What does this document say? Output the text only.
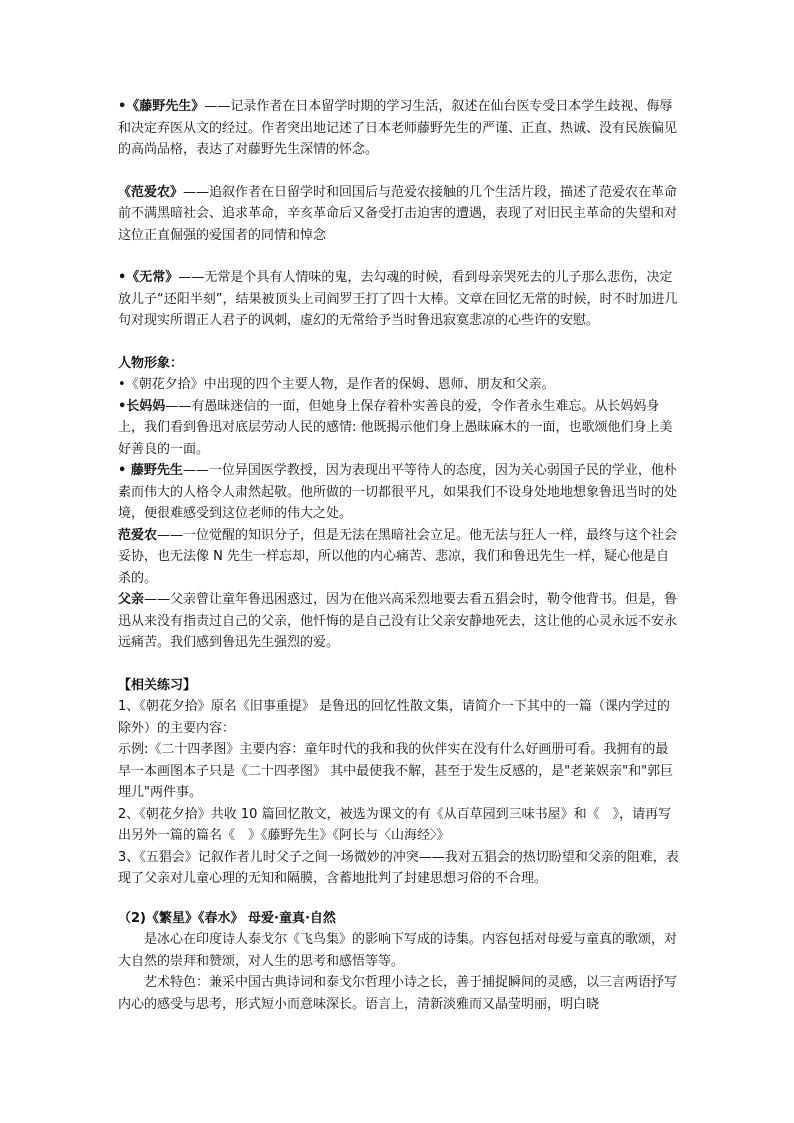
•《藤野先生》——记录作者在日本留学时期的学习生活，叙述在仙台医专受日本学生歧视、侮辱和决定弃医从文的经过。作者突出地记述了日本老师藤野先生的严谨、正直、热诚、没有民族偏见的高尚品格，表达了对藤野先生深情的怀念。

《范爱农》——追叙作者在日留学时和回国后与范爱农接触的几个生活片段，描述了范爱农在革命前不满黑暗社会、追求革命，辛亥革命后又备受打击迫害的遭遇，表现了对旧民主革命的失望和对这位正直倔强的爱国者的同情和悼念

•《无常》——无常是个具有人情味的鬼，去勾魂的时候，看到母亲哭死去的儿子那么悲伤，决定放儿子“还阳半刻”，结果被顶头上司阎罗王打了四十大棒。文章在回忆无常的时候，时不时加进几句对现实所谓正人君子的讽刺，虚幻的无常给予当时鲁迅寂寞悲凉的心些许的安慰。

人物形象：

•《朝花夕拾》中出现的四个主要人物，是作者的保姆、恩师、朋友和父亲。

•长妈妈——有愚昧迷信的一面，但她身上保存着朴实善良的爱，令作者永生难忘。从长妈妈身上，我们看到鲁迅对底层劳动人民的感情: 他既揭示他们身上愚昧麻木的一面，也歌颂他们身上美好善良的一面。

• 藤野先生——一位异国医学教授，因为表现出平等待人的态度，因为关心弱国子民的学业，他朴素而伟大的人格令人肃然起敬。他所做的一切都很平凡，如果我们不设身处地地想象鲁迅当时的处境，便很难感受到这位老师的伟大之处。

范爱农——一位觉醒的知识分子，但是无法在黑暗社会立足。他无法与狂人一样，最终与这个社会妥协，也无法像 N 先生一样忘却，所以他的内心痛苦、悲凉，我们和鲁迅先生一样，疑心他是自杀的。

父亲——父亲曾让童年鲁迅困惑过，因为在他兴高采烈地要去看五猖会时，勒令他背书。但是，鲁迅从来没有指责过自己的父亲，他忏悔的是自己没有让父亲安静地死去，这让他的心灵永远不安永远痛苦。我们感到鲁迅先生强烈的爱。

【相关练习】

1、《朝花夕拾》原名《旧事重提》 是鲁迅的回忆性散文集，请简介一下其中的一篇（课内学过的除外）的主要内容：

示例:《二十四孝图》主要内容：童年时代的我和我的伙伴实在没有什么好画册可看。我拥有的最早一本画图本子只是《二十四孝图》 其中最使我不解，甚至于发生反感的，是"老莱娱亲"和"郭巨埋儿"两件事。

2、《朝花夕拾》共收 10 篇回忆散文，被选为课文的有《从百草园到三味书屋》和《　》，请再写出另外一篇的篇名《　》《藤野先生》《阿长与〈山海经〉》

3、《五猖会》记叙作者儿时父子之间一场微妙的冲突——我对五猖会的热切盼望和父亲的阻难，表现了父亲对儿童心理的无知和隔膜，含蓄地批判了封建思想习俗的不合理。

（2)《繁星》《春水》 母爱·童真·自然

是冰心在印度诗人泰戈尔《飞鸟集》的影响下写成的诗集。内容包括对母爱与童真的歌颂，对大自然的崇拜和赞颂，对人生的思考和感悟等等。

艺术特色：兼采中国古典诗词和泰戈尔哲理小诗之长，善于捕捉瞬间的灵感，以三言两语抒写内心的感受与思考，形式短小而意味深长。语言上，清新淡雅而又晶莹明丽，明白晓
